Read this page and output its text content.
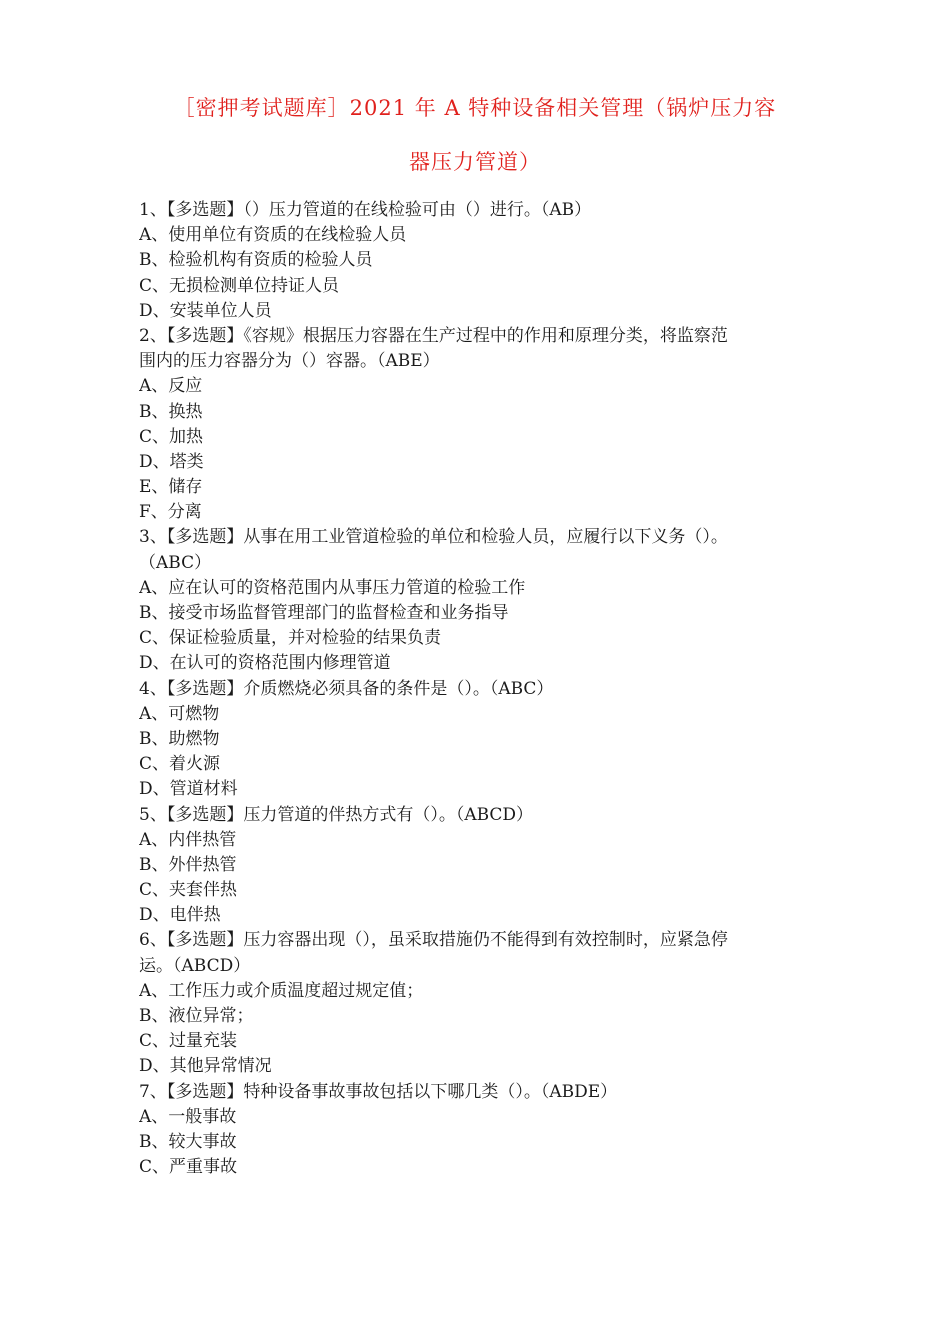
［密押考试题库］2021 年 A 特种设备相关管理（锅炉压力容
器压力管道）
1、【多选题】（）压力管道的在线检验可由（）进行。（AB）
A、使用单位有资质的在线检验人员
B、检验机构有资质的检验人员
C、无损检测单位持证人员
D、安装单位人员
2、【多选题】《容规》根据压力容器在生产过程中的作用和原理分类，将监察范
围内的压力容器分为（）容器。（ABE）
A、反应
B、换热
C、加热
D、塔类
E、储存
F、分离
3、【多选题】从事在用工业管道检验的单位和检验人员，应履行以下义务（）。
（ABC）
A、应在认可的资格范围内从事压力管道的检验工作
B、接受市场监督管理部门的监督检查和业务指导
C、保证检验质量，并对检验的结果负责
D、在认可的资格范围内修理管道
4、【多选题】介质燃烧必须具备的条件是（）。（ABC）
A、可燃物
B、助燃物
C、着火源
D、管道材料
5、【多选题】压力管道的伴热方式有（）。（ABCD）
A、内伴热管
B、外伴热管
C、夹套伴热
D、电伴热
6、【多选题】压力容器出现（），虽采取措施仍不能得到有效控制时，应紧急停
运。（ABCD）
A、工作压力或介质温度超过规定值；
B、液位异常；
C、过量充装
D、其他异常情况
7、【多选题】特种设备事故事故包括以下哪几类（）。（ABDE）
A、一般事故
B、较大事故
C、严重事故
